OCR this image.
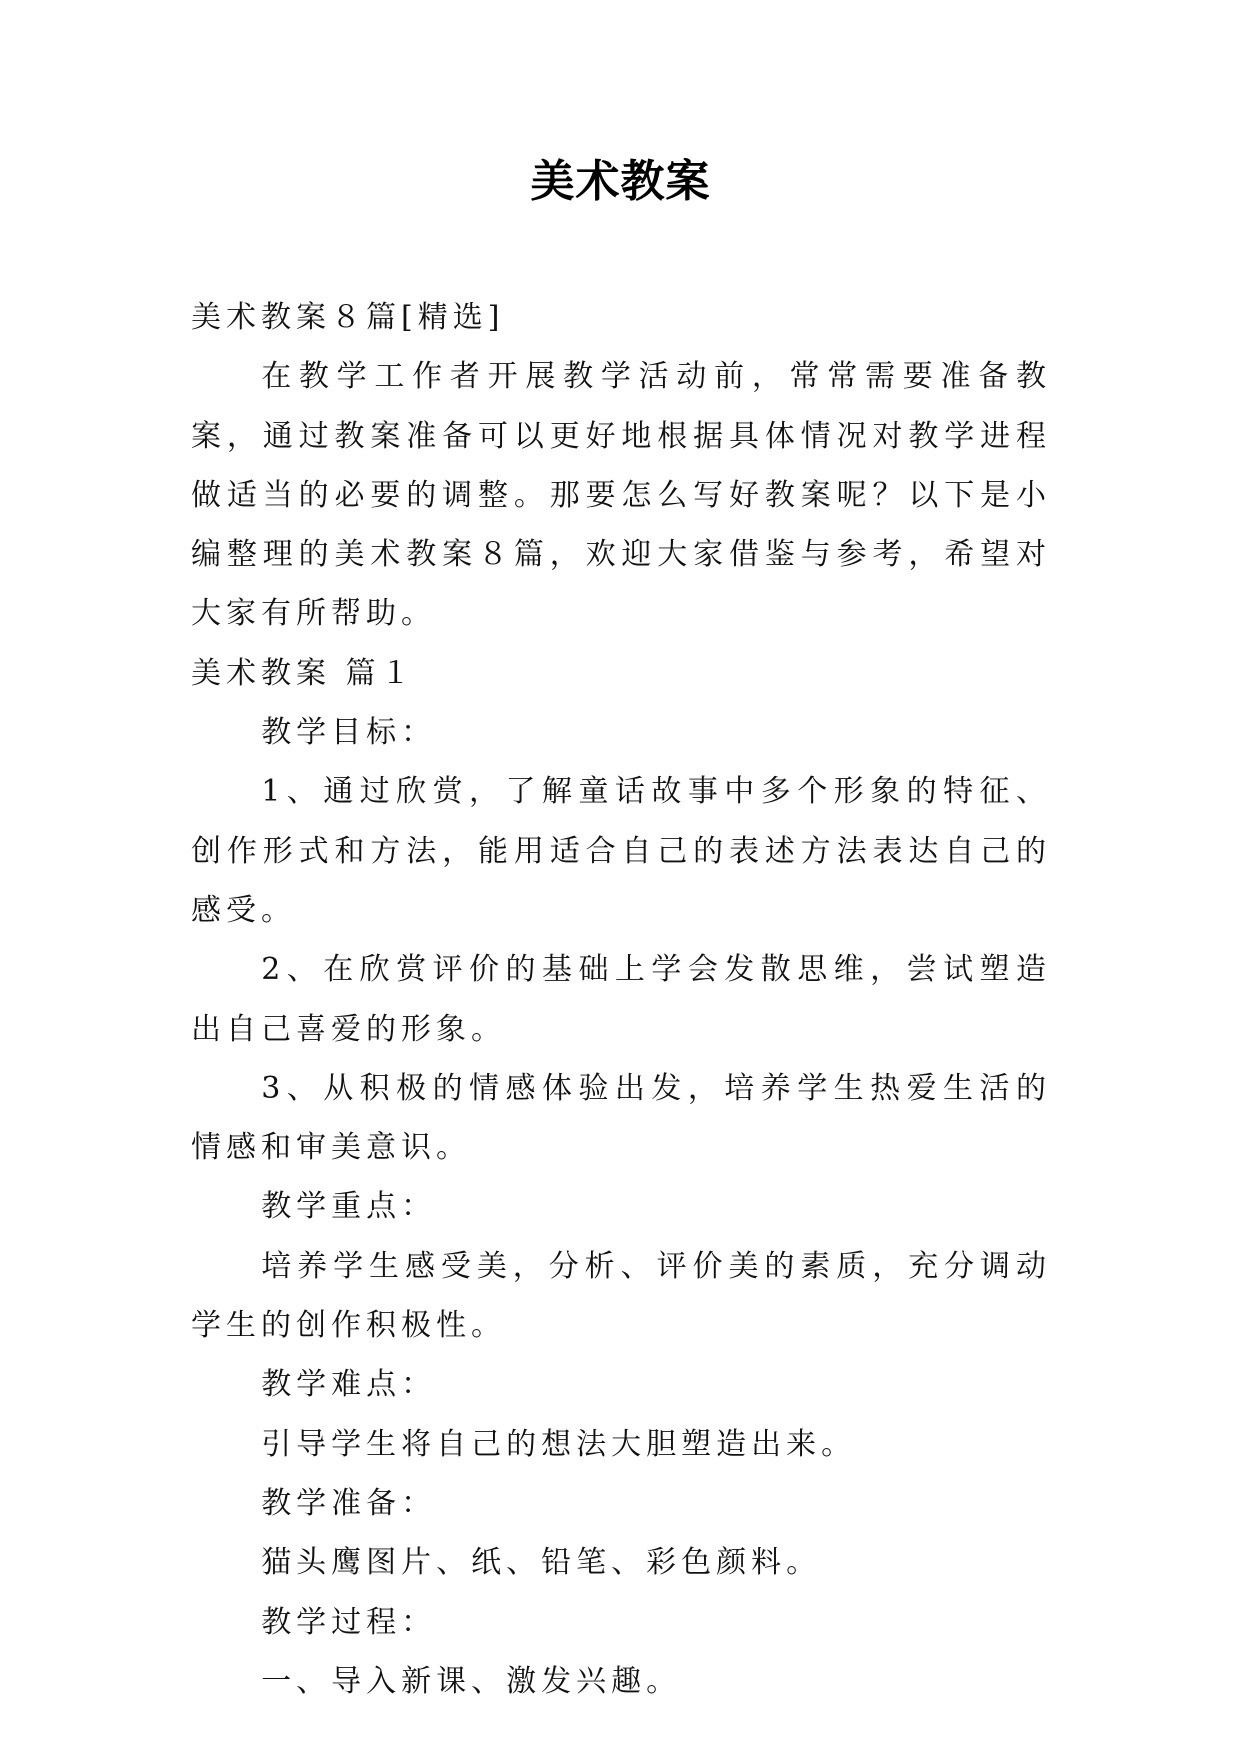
美术教案

美术教案８篇[精选]

在教学工作者开展教学活动前，常常需要准备教案，通过教案准备可以更好地根据具体情况对教学进程做适当的必要的调整。那要怎么写好教案呢？以下是小编整理的美术教案８篇，欢迎大家借鉴与参考，希望对大家有所帮助。

美术教案 篇１

教学目标：

1、通过欣赏，了解童话故事中多个形象的特征、创作形式和方法，能用适合自己的表述方法表达自己的感受。

2、在欣赏评价的基础上学会发散思维，尝试塑造出自己喜爱的形象。

3、从积极的情感体验出发，培养学生热爱生活的情感和审美意识。

教学重点：

培养学生感受美，分析、评价美的素质，充分调动学生的创作积极性。

教学难点：

引导学生将自己的想法大胆塑造出来。

教学准备：

猫头鹰图片、纸、铅笔、彩色颜料。

教学过程：

一、导入新课、激发兴趣。
